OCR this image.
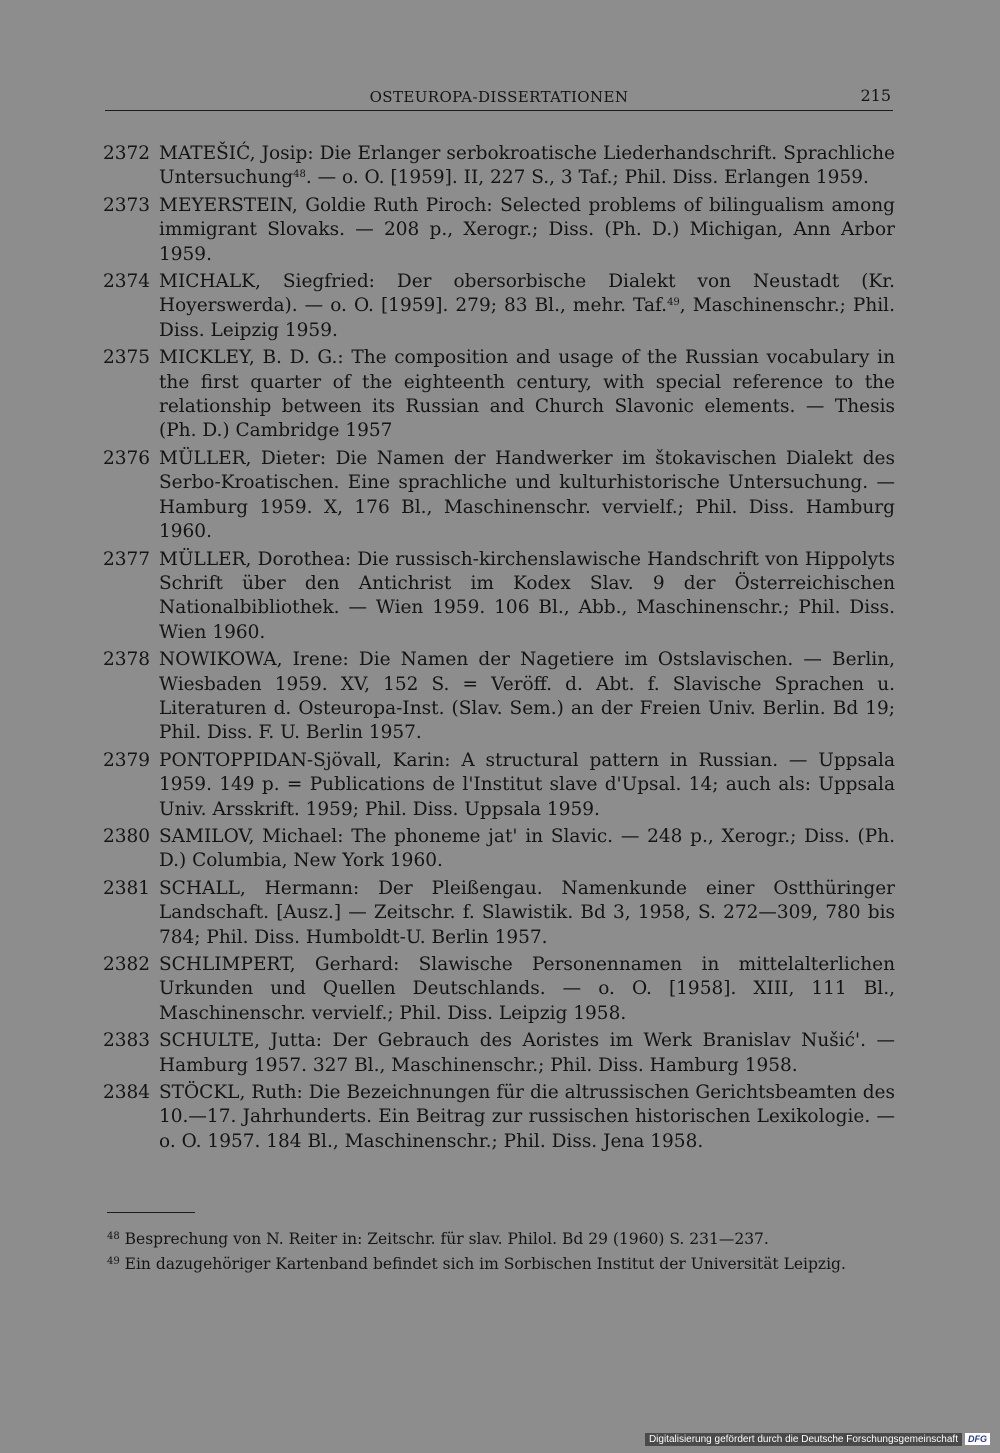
OSTEUROPA-DISSERTATIONEN	215
2372 MATEŠIĆ, Josip: Die Erlanger serbokroatische Liederhandschrift. Sprachliche Untersuchung$^{48}$. — o. O. [1959]. II, 227 S., 3 Taf.; Phil. Diss. Erlangen 1959.
2373 MEYERSTEIN, Goldie Ruth Piroch: Selected problems of bilingualism among immigrant Slovaks. — 208 p., Xerogr.; Diss. (Ph. D.) Michigan, Ann Arbor 1959.
2374 MICHALK, Siegfried: Der obersorbische Dialekt von Neustadt (Kr. Hoyerswerda). — o. O. [1959]. 279; 83 Bl., mehr. Taf.$^{49}$, Maschinenschr.; Phil. Diss. Leipzig 1959.
2375 MICKLEY, B. D. G.: The composition and usage of the Russian vocabulary in the first quarter of the eighteenth century, with special reference to the relationship between its Russian and Church Slavonic elements. — Thesis (Ph. D.) Cambridge 1957
2376 MÜLLER, Dieter: Die Namen der Handwerker im štokavischen Dialekt des Serbo-Kroatischen. Eine sprachliche und kulturhistorische Untersuchung. — Hamburg 1959. X, 176 Bl., Maschinenschr. vervielf.; Phil. Diss. Hamburg 1960.
2377 MÜLLER, Dorothea: Die russisch-kirchenslawische Handschrift von Hippolyts Schrift über den Antichrist im Kodex Slav. 9 der Österreichischen Nationalbibliothek. — Wien 1959. 106 Bl., Abb., Maschinenschr.; Phil. Diss. Wien 1960.
2378 NOWIKOWA, Irene: Die Namen der Nagetiere im Ostslavischen. — Berlin, Wiesbaden 1959. XV, 152 S. = Veröff. d. Abt. f. Slavische Sprachen u. Literaturen d. Osteuropa-Inst. (Slav. Sem.) an der Freien Univ. Berlin. Bd 19; Phil. Diss. F. U. Berlin 1957.
2379 PONTOPPIDAN-Sjövall, Karin: A structural pattern in Russian. — Uppsala 1959. 149 p. = Publications de l'Institut slave d'Upsal. 14; auch als: Uppsala Univ. Arsskrift. 1959; Phil. Diss. Uppsala 1959.
2380 SAMILOV, Michael: The phoneme jat' in Slavic. — 248 p., Xerogr.; Diss. (Ph. D.) Columbia, New York 1960.
2381 SCHALL, Hermann: Der Pleißengau. Namenkunde einer Ostthüringer Landschaft. [Ausz.] — Zeitschr. f. Slawistik. Bd 3, 1958, S. 272—309, 780 bis 784; Phil. Diss. Humboldt-U. Berlin 1957.
2382 SCHLIMPERT, Gerhard: Slawische Personennamen in mittelalterlichen Urkunden und Quellen Deutschlands. — o. O. [1958]. XIII, 111 Bl., Maschinenschr. vervielf.; Phil. Diss. Leipzig 1958.
2383 SCHULTE, Jutta: Der Gebrauch des Aoristes im Werk Branislav Nušić'. — Hamburg 1957. 327 Bl., Maschinenschr.; Phil. Diss. Hamburg 1958.
2384 STÖCKL, Ruth: Die Bezeichnungen für die altrussischen Gerichtsbeamten des 10.—17. Jahrhunderts. Ein Beitrag zur russischen historischen Lexikologie. — o. O. 1957. 184 Bl., Maschinenschr.; Phil. Diss. Jena 1958.
$^{48}$ Besprechung von N. Reiter in: Zeitschr. für slav. Philol. Bd 29 (1960) S. 231—237.
$^{49}$ Ein dazugehöriger Kartenband befindet sich im Sorbischen Institut der Universität Leipzig.
Digitalisierung gefördert durch die Deutsche Forschungsgemeinschaft	DFG
